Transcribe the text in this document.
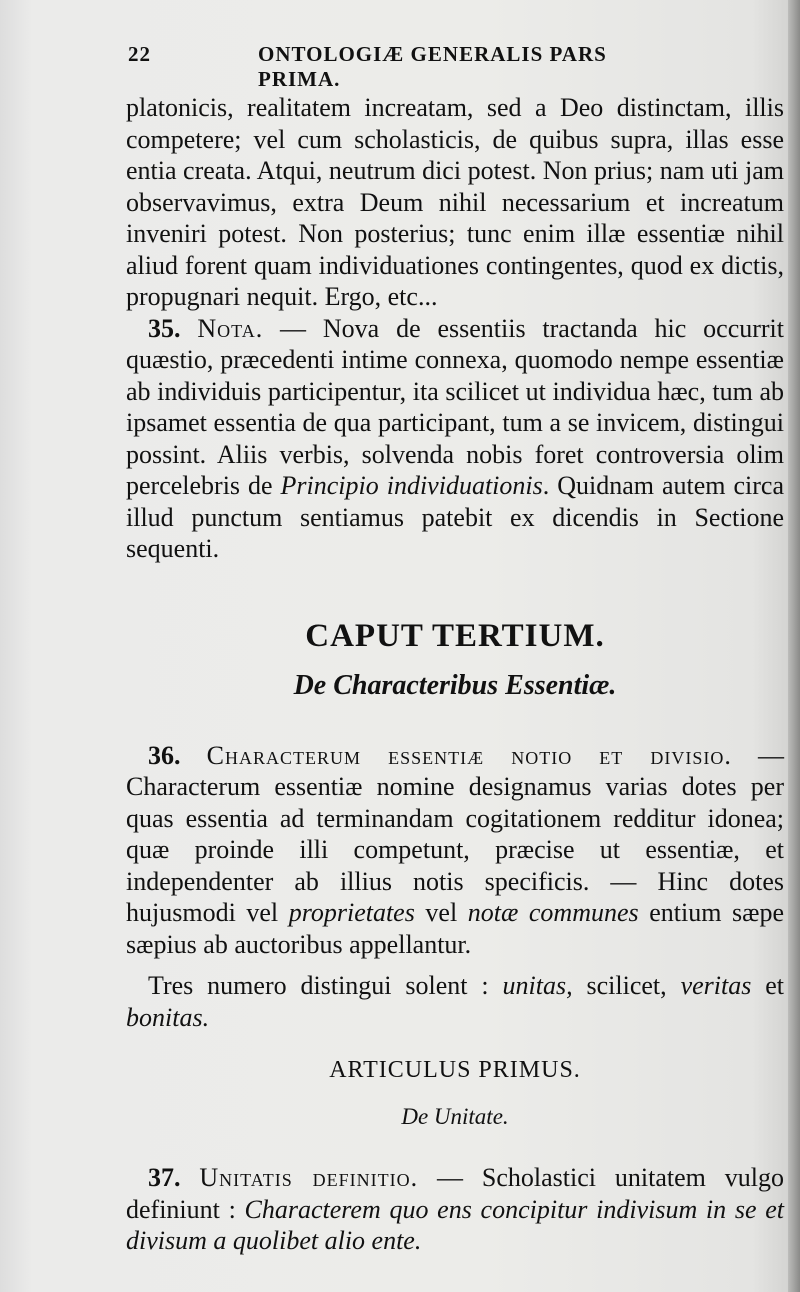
22	ONTOLOGIÆ GENERALIS PARS PRIMA.

platonicis, realitatem increatam, sed a Deo distinctam, illis competere; vel cum scholasticis, de quibus supra, illas esse entia creata. Atqui, neutrum dici potest. Non prius; nam uti jam observavimus, extra Deum nihil necessarium et increatum inveniri potest. Non posterius; tunc enim illæ essentiæ nihil aliud forent quam individuationes contingentes, quod ex dictis, propugnari nequit. Ergo, etc...

35. Nota. — Nova de essentiis tractanda hic occurrit quæstio, præcedenti intime connexa, quomodo nempe essentiæ ab individuis participentur, ita scilicet ut individua hæc, tum ab ipsamet essentia de qua participant, tum a se invicem, distingui possint. Aliis verbis, solvenda nobis foret controversia olim percelebris de Principio individuationis. Quidnam autem circa illud punctum sentiamus patebit ex dicendis in Sectione sequenti.

CAPUT TERTIUM.
De Characteribus Essentiæ.

36. Characterum essentiæ notio et divisio. — Characterum essentiæ nomine designamus varias dotes per quas essentia ad terminandam cogitationem redditur idonea; quæ proinde illi competunt, præcise ut essentiæ, et independenter ab illius notis specificis. — Hinc dotes hujusmodi vel proprietates vel notæ communes entium sæpe sæpius ab auctoribus appellantur.

Tres numero distingui solent : unitas, scilicet, veritas et bonitas.

ARTICULUS PRIMUS.
De Unitate.

37. Unitatis definitio. — Scholastici unitatem vulgo definiunt : Characterem quo ens concipitur indivisum in se et divisum a quolibet alio ente.
